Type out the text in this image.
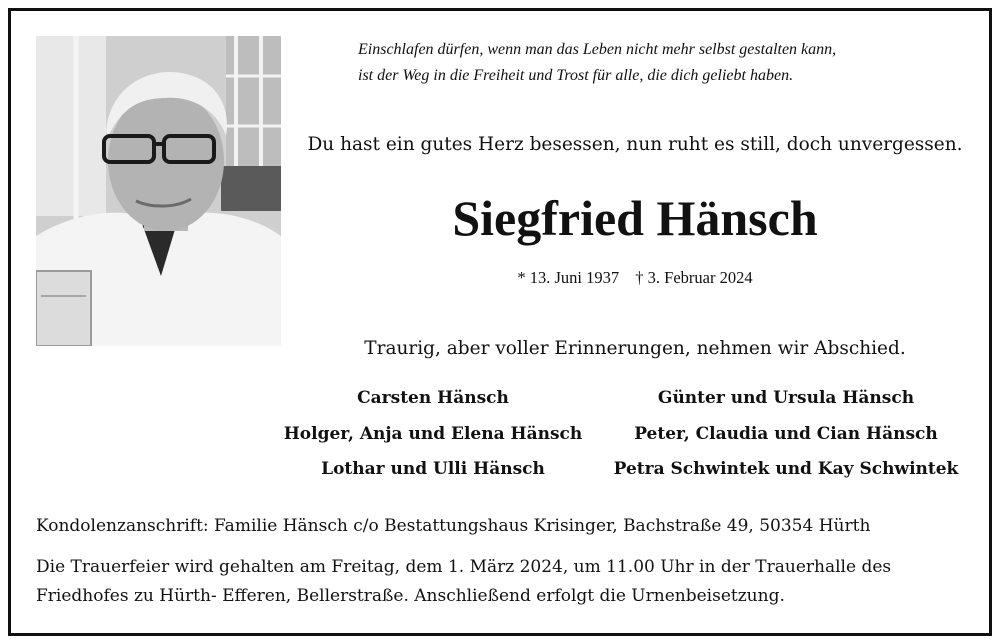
Einschlafen dürfen, wenn man das Leben nicht mehr selbst gestalten kann,
ist der Weg in die Freiheit und Trost für alle, die dich geliebt haben.
Du hast ein gutes Herz besessen, nun ruht es still, doch unvergessen.
Siegfried Hänsch
* 13. Juni 1937 † 3. Februar 2024
Traurig, aber voller Erinnerungen, nehmen wir Abschied.
Carsten Hänsch
Holger, Anja und Elena Hänsch
Lothar und Ulli Hänsch
Günter und Ursula Hänsch
Peter, Claudia und Cian Hänsch
Petra Schwintek und Kay Schwintek
Kondolenzanschrift: Familie Hänsch c/o Bestattungshaus Krisinger, Bachstraße 49, 50354 Hürth
Die Trauerfeier wird gehalten am Freitag, dem 1. März 2024, um 11.00 Uhr in der Trauerhalle des
Friedhofes zu Hürth- Efferen, Bellerstraße. Anschließend erfolgt die Urnenbeisetzung.
